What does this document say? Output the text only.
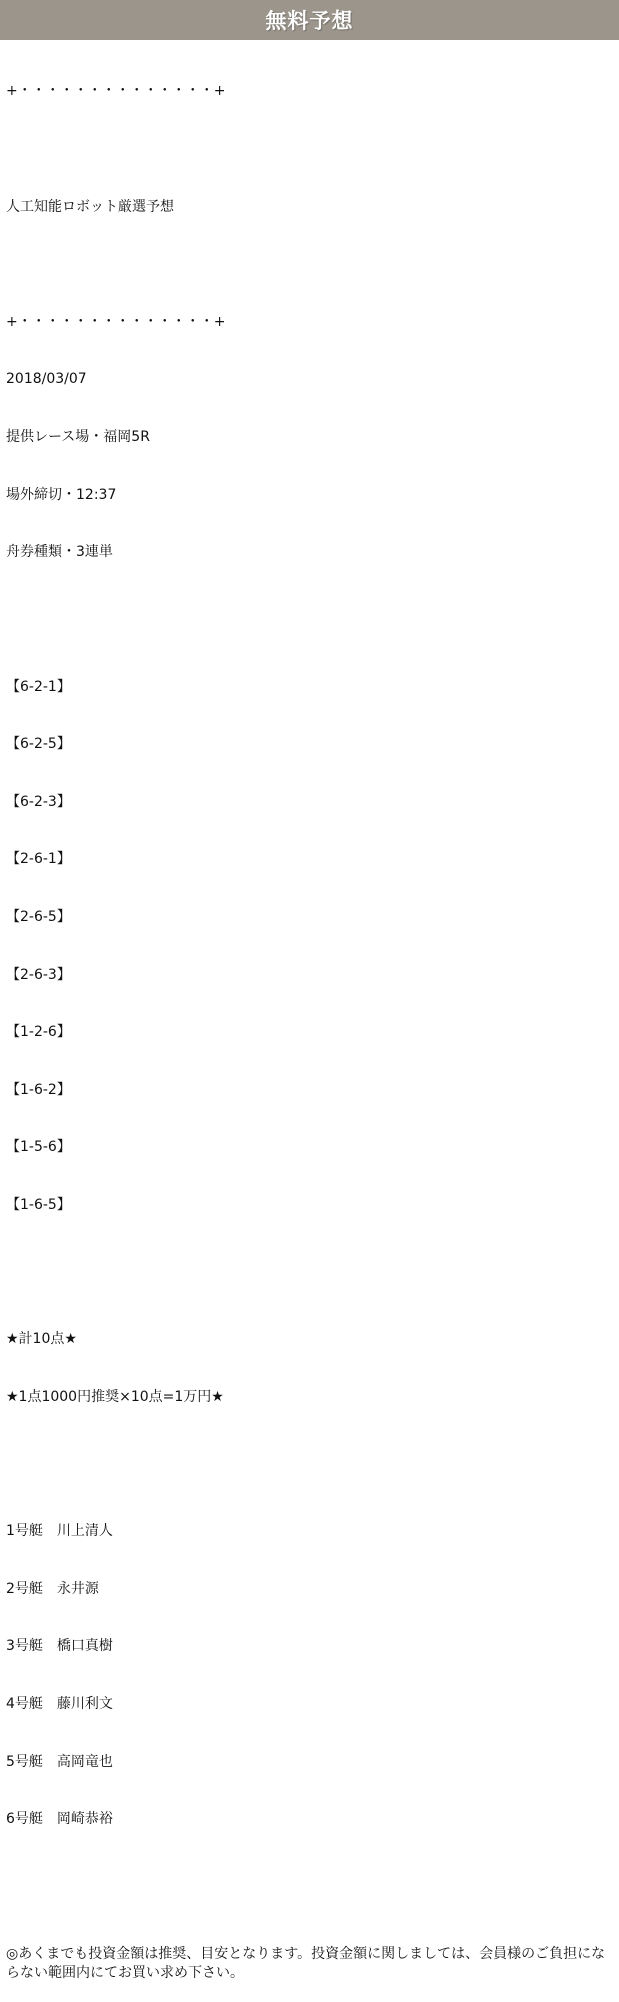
無料予想

+・・・・・・・・・・・・・・+

人工知能ロボット厳選予想

+・・・・・・・・・・・・・・+

2018/03/07

提供レース場・福岡5R

場外締切・12:37

舟券種類・3連単

【6-2-1】

【6-2-5】

【6-2-3】

【2-6-1】

【2-6-5】

【2-6-3】

【1-2-6】

【1-6-2】

【1-5-6】

【1-6-5】

★計10点★

★1点1000円推奨×10点=1万円★

1号艇　 川上清人

2号艇　 永井源

3号艇　 橋口真樹

4号艇　 藤川利文

5号艇　 高岡竜也

6号艇　 岡崎恭裕

◎あくまでも投資金額は推奨、目安となります。投資金額に関しましては、会員様のご負担にならない範囲内にてお買い求め下さい。
